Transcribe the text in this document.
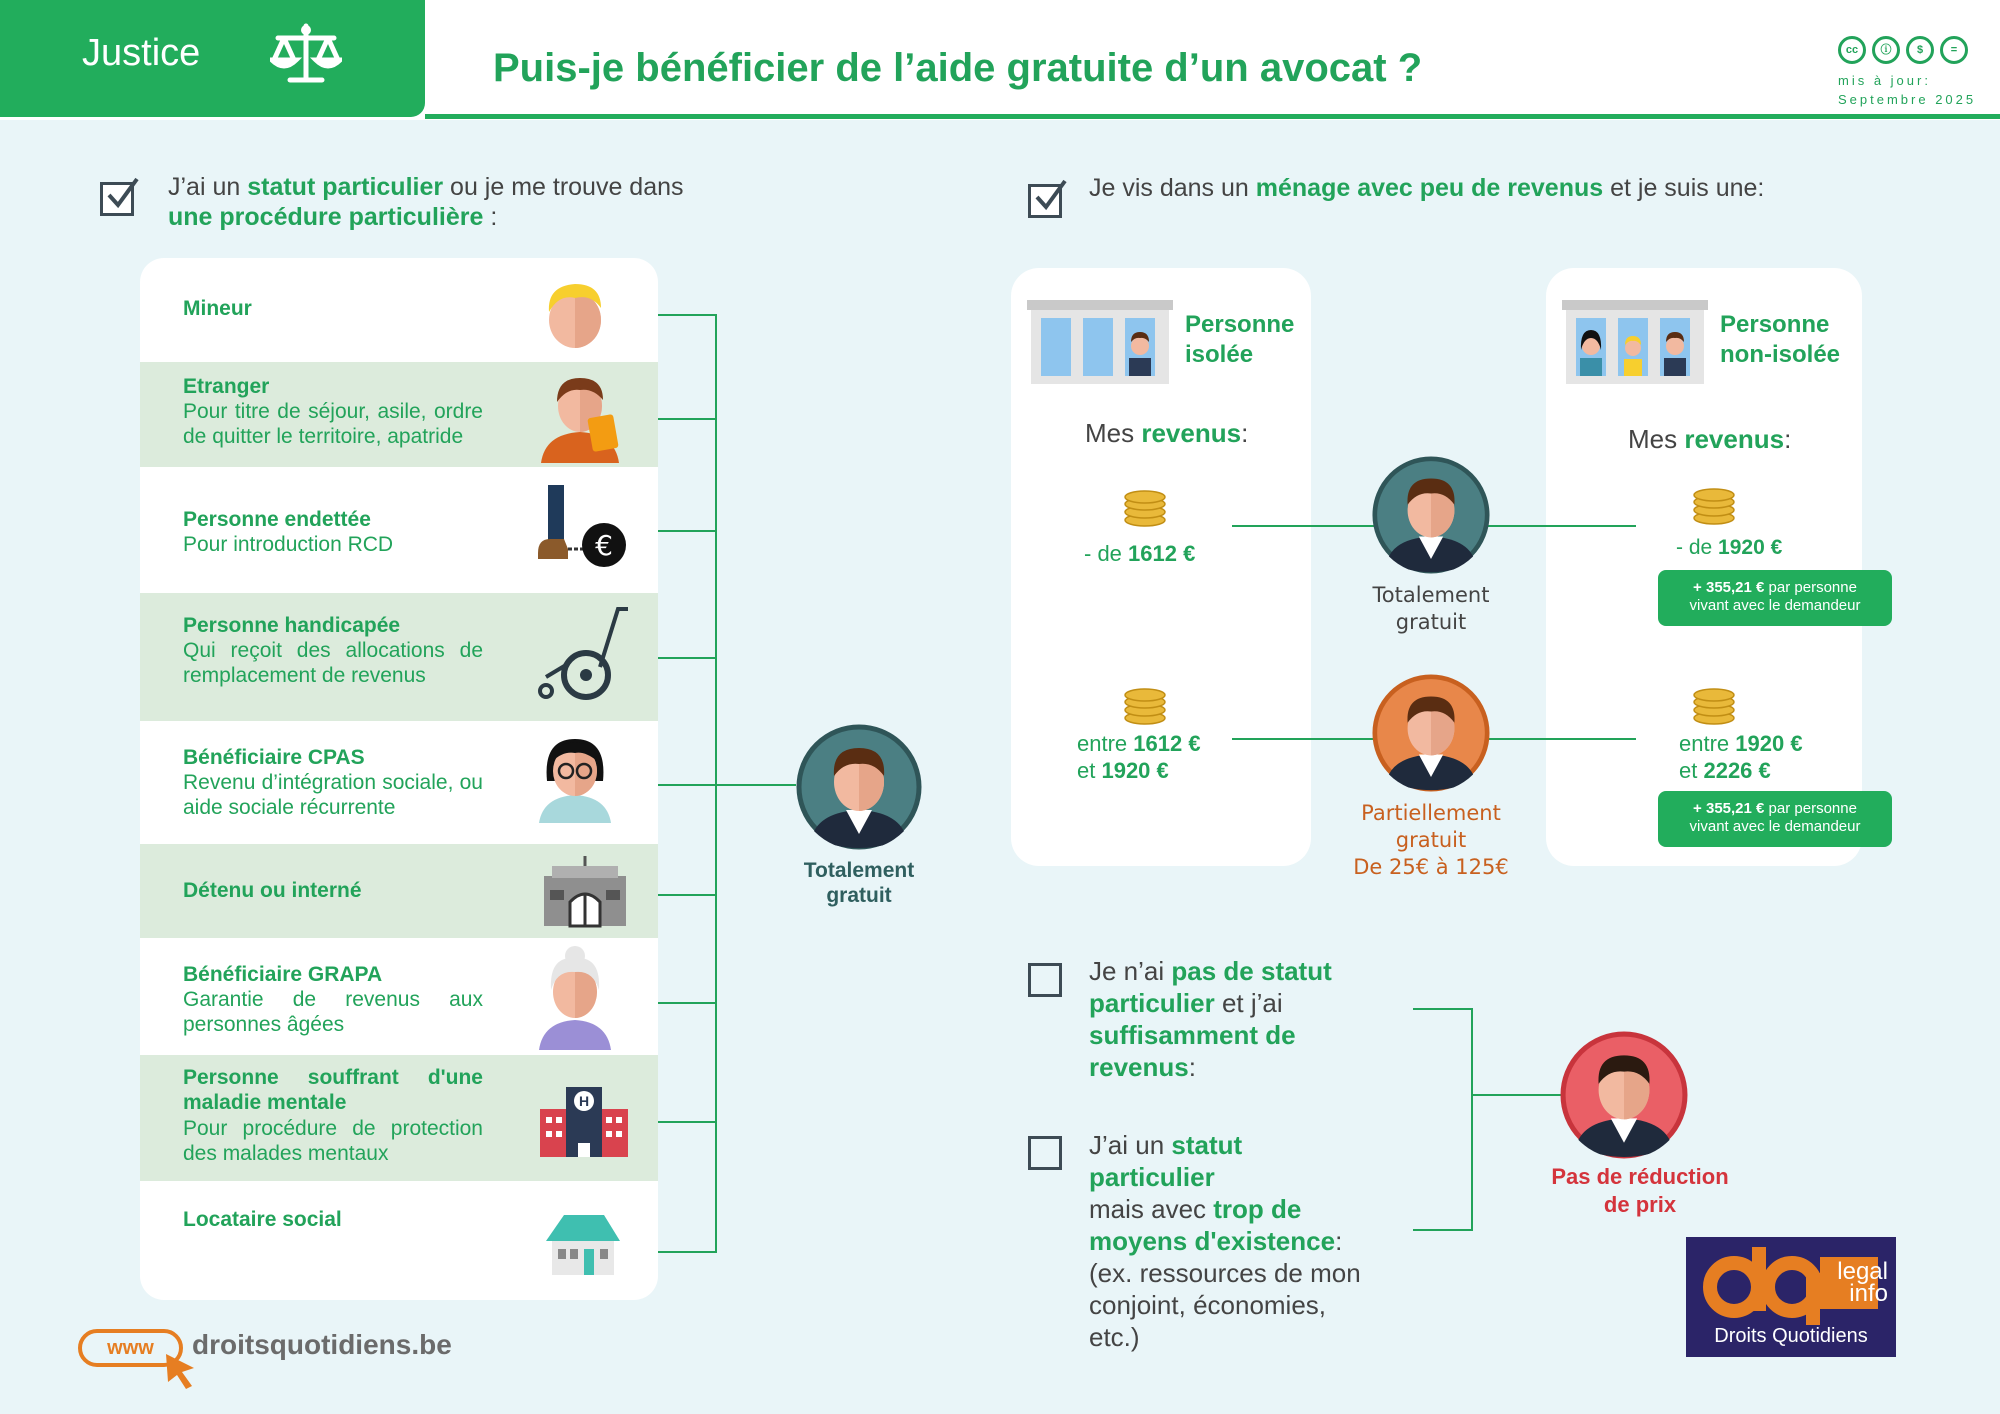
Justice	Puis-je bénéficier de l’aide gratuite d’un avocat ?	cc	ⓘ	$	=
mis à jour:
Septembre 2025
J’ai un statut particulier ou je me trouve dans
une procédure particulière :
Mineur
Etranger
Pour titre de séjour, asile, ordre de quitter le territoire, apatride
Personne endettée
Pour introduction RCD	€
Personne handicapée
Qui reçoit des allocations de remplacement de revenus
Bénéficiaire CPAS
Revenu d’intégration sociale, ou aide sociale récurrente
Détenu ou interné
Bénéficiaire GRAPA
Garantie de revenus aux personnes âgées
Personne souffrant d'une maladie mentale
Pour procédure de protection des malades mentaux
H
Locataire social
Totalement gratuit
Je vis dans un ménage avec peu de revenus et je suis une:
Personne
isolée
Mes revenus:
- de 1612 €
entre 1612 €
et 1920 €
Personne
non-isolée
Mes revenus:
- de 1920 €
entre 1920 €
et 2226 €
+ 355,21 € par personne
vivant avec le demandeur
+ 355,21 € par personne
vivant avec le demandeur
Totalement
gratuit
Partiellement
gratuit
De 25€ à 125€
Je n’ai pas de statut
particulier et j’ai
suffisamment de
revenus:
J’ai un statut
particulier
mais avec trop de
moyens d'existence:
(ex. ressources de mon
conjoint, économies,
etc.)
Pas de réduction
de prix
legal
info
Droits Quotidiens
www	droitsquotidiens.be
